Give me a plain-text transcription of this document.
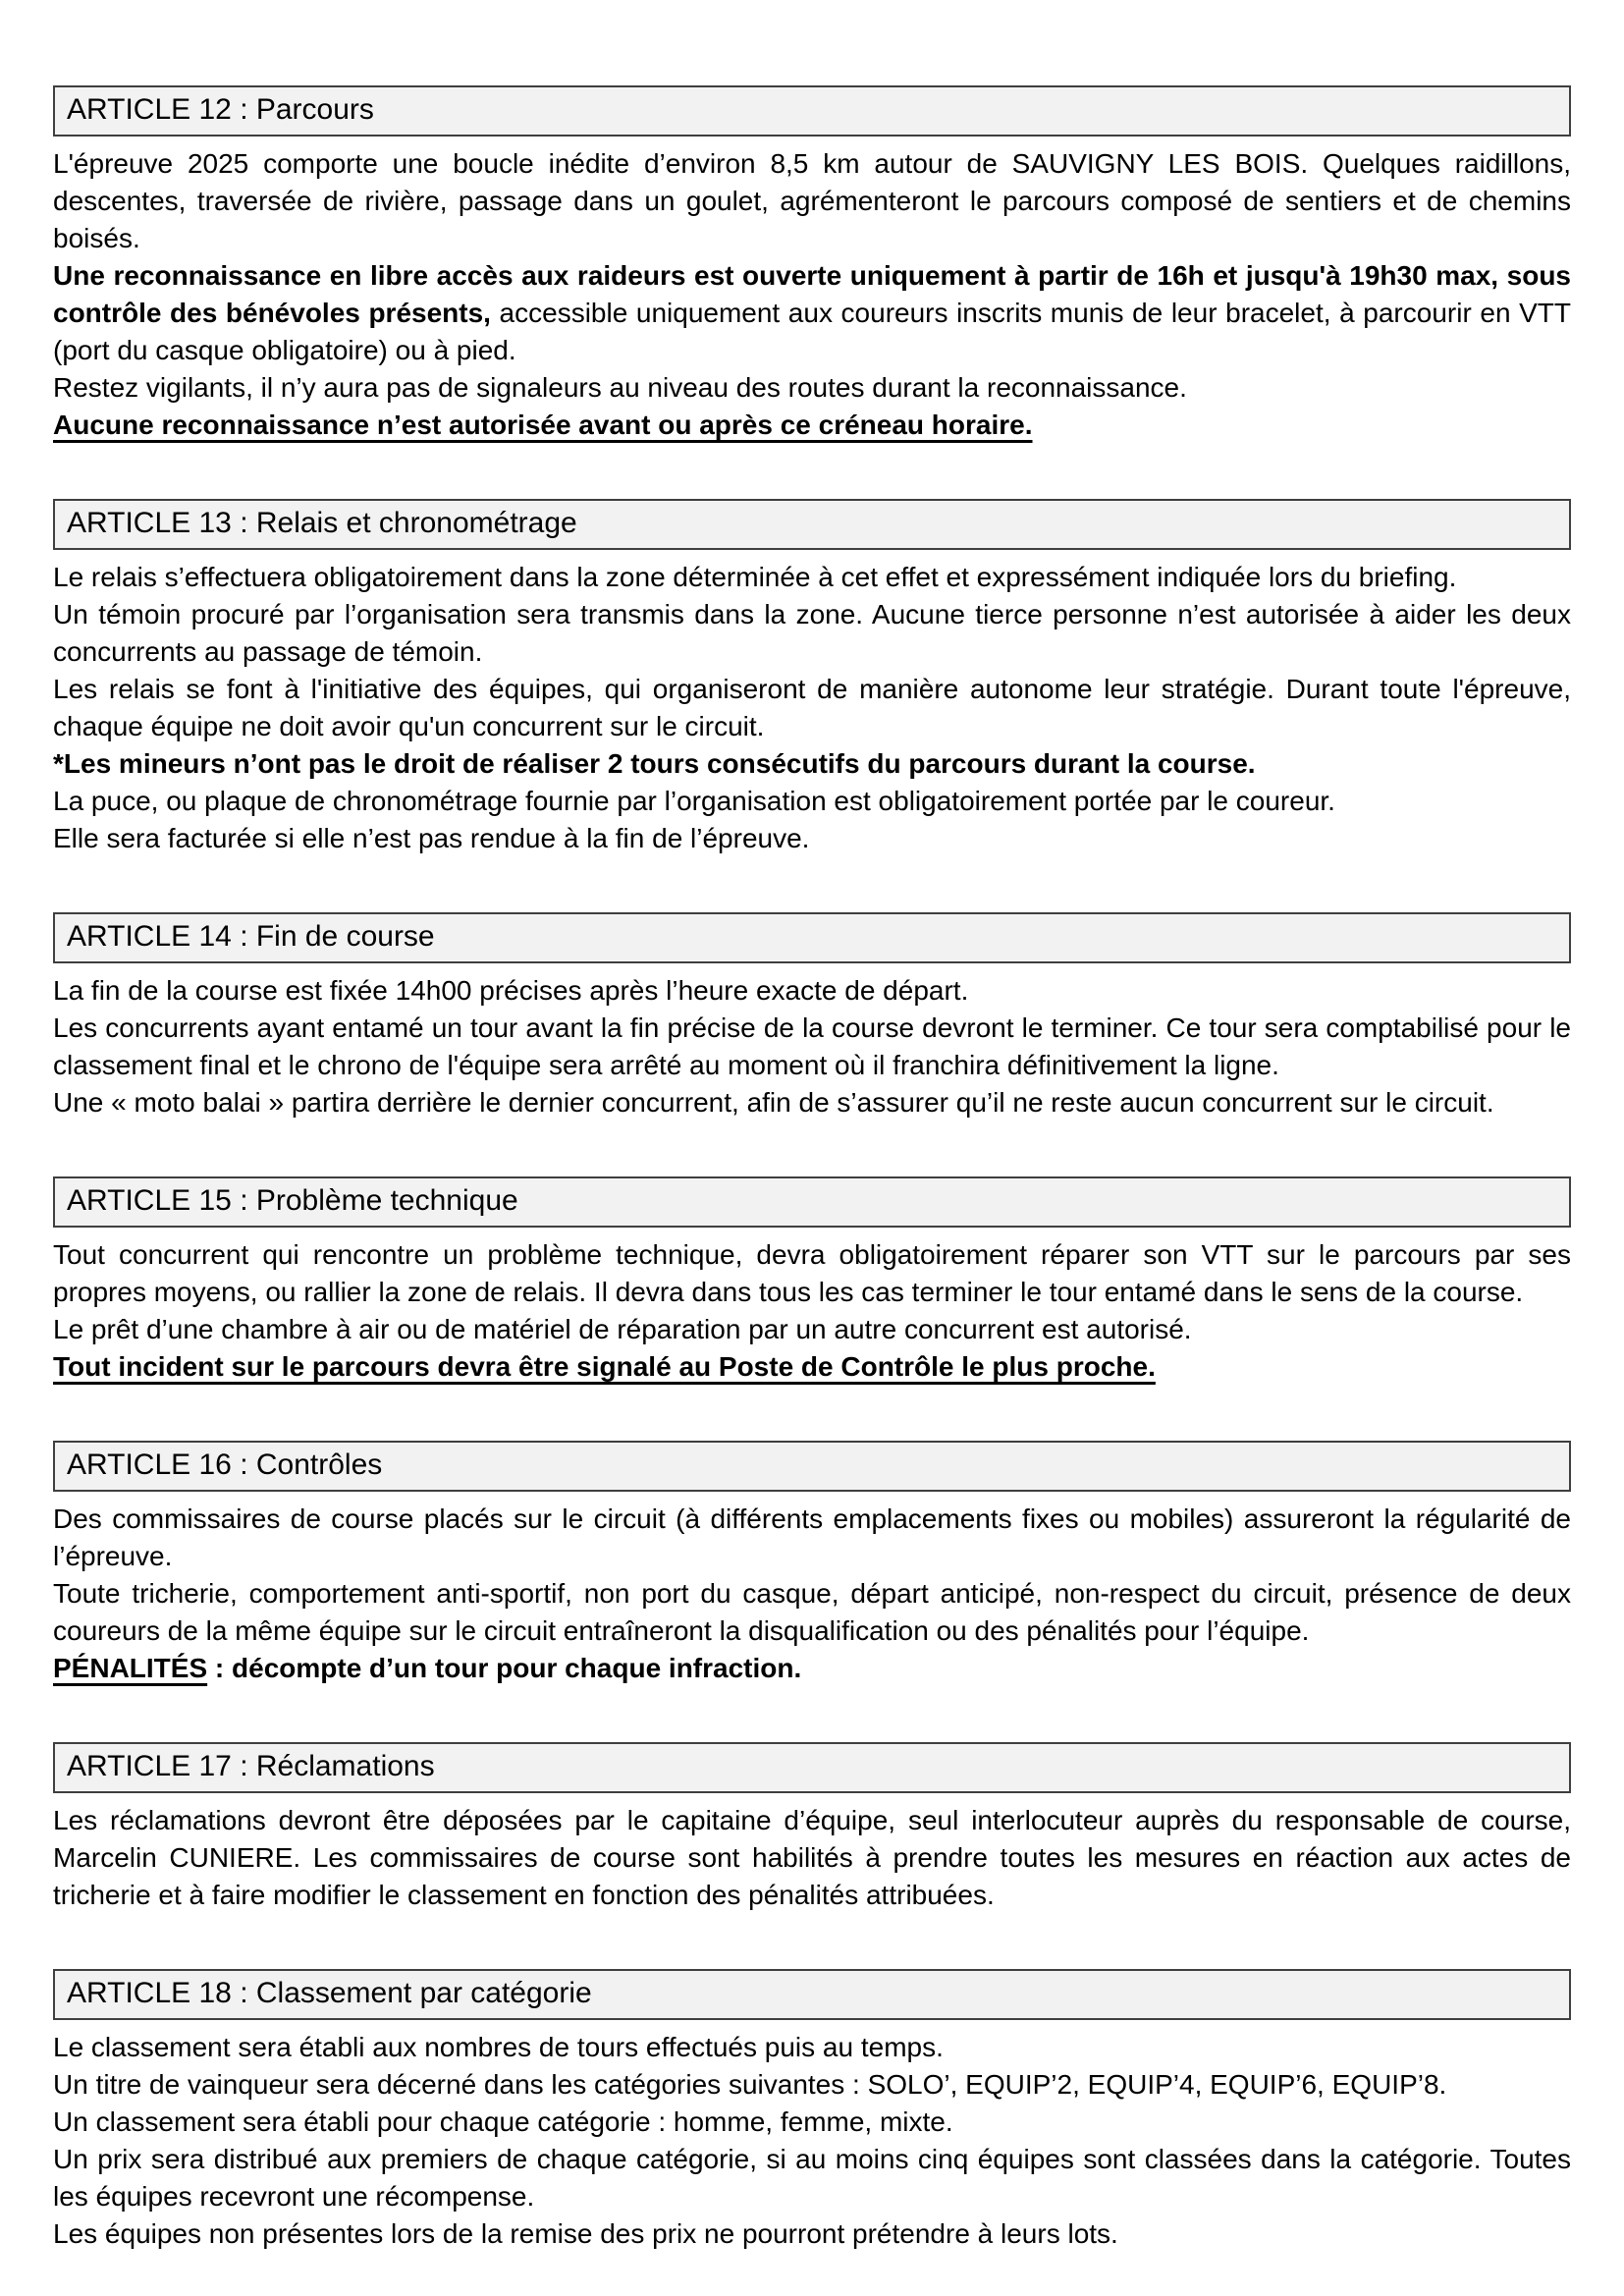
ARTICLE 12 : Parcours

L'épreuve 2025 comporte une boucle inédite d’environ 8,5 km autour de SAUVIGNY LES BOIS. Quelques raidillons, descentes, traversée de rivière, passage dans un goulet, agrémenteront le parcours composé de sentiers et de chemins boisés.

Une reconnaissance en libre accès aux raideurs est ouverte uniquement à partir de 16h et jusqu'à 19h30 max, sous contrôle des bénévoles présents, accessible uniquement aux coureurs inscrits munis de leur bracelet, à parcourir en VTT (port du casque obligatoire) ou à pied.

Restez vigilants, il n’y aura pas de signaleurs au niveau des routes durant la reconnaissance.

Aucune reconnaissance n’est autorisée avant ou après ce créneau horaire.

ARTICLE 13 : Relais et chronométrage

Le relais s’effectuera obligatoirement dans la zone déterminée à cet effet et expressément indiquée lors du briefing.

Un témoin procuré par l’organisation sera transmis dans la zone. Aucune tierce personne n’est autorisée à aider les deux concurrents au passage de témoin.

Les relais se font à l'initiative des équipes, qui organiseront de manière autonome leur stratégie. Durant toute l'épreuve, chaque équipe ne doit avoir qu'un concurrent sur le circuit.

*Les mineurs n’ont pas le droit de réaliser 2 tours consécutifs du parcours durant la course.

La puce, ou plaque de chronométrage fournie par l’organisation est obligatoirement portée par le coureur.

Elle sera facturée si elle n’est pas rendue à la fin de l’épreuve.

ARTICLE 14 : Fin de course

La fin de la course est fixée 14h00 précises après l’heure exacte de départ.

Les concurrents ayant entamé un tour avant la fin précise de la course devront le terminer. Ce tour sera comptabilisé pour le classement final et le chrono de l'équipe sera arrêté au moment où il franchira définitivement la ligne.

Une « moto balai » partira derrière le dernier concurrent, afin de s’assurer qu’il ne reste aucun concurrent sur le circuit.

ARTICLE 15 : Problème technique

Tout concurrent qui rencontre un problème technique, devra obligatoirement réparer son VTT sur le parcours par ses propres moyens, ou rallier la zone de relais. Il devra dans tous les cas terminer le tour entamé dans le sens de la course.

Le prêt d’une chambre à air ou de matériel de réparation par un autre concurrent est autorisé.

Tout incident sur le parcours devra être signalé au Poste de Contrôle le plus proche.

ARTICLE 16 : Contrôles

Des commissaires de course placés sur le circuit (à différents emplacements fixes ou mobiles) assureront la régularité de l’épreuve.

Toute tricherie, comportement anti-sportif, non port du casque, départ anticipé, non-respect du circuit, présence de deux coureurs de la même équipe sur le circuit entraîneront la disqualification ou des pénalités pour l’équipe.

PÉNALITÉS : décompte d’un tour pour chaque infraction.

ARTICLE 17 : Réclamations

Les réclamations devront être déposées par le capitaine d’équipe, seul interlocuteur auprès du responsable de course, Marcelin CUNIERE. Les commissaires de course sont habilités à prendre toutes les mesures en réaction aux actes de tricherie et à faire modifier le classement en fonction des pénalités attribuées.

ARTICLE 18 : Classement par catégorie

Le classement sera établi aux nombres de tours effectués puis au temps.

Un titre de vainqueur sera décerné dans les catégories suivantes : SOLO’, EQUIP’2, EQUIP’4, EQUIP’6, EQUIP’8.

Un classement sera établi pour chaque catégorie : homme, femme, mixte.

Un prix sera distribué aux premiers de chaque catégorie, si au moins cinq équipes sont classées dans la catégorie. Toutes les équipes recevront une récompense.

Les équipes non présentes lors de la remise des prix ne pourront prétendre à leurs lots.
